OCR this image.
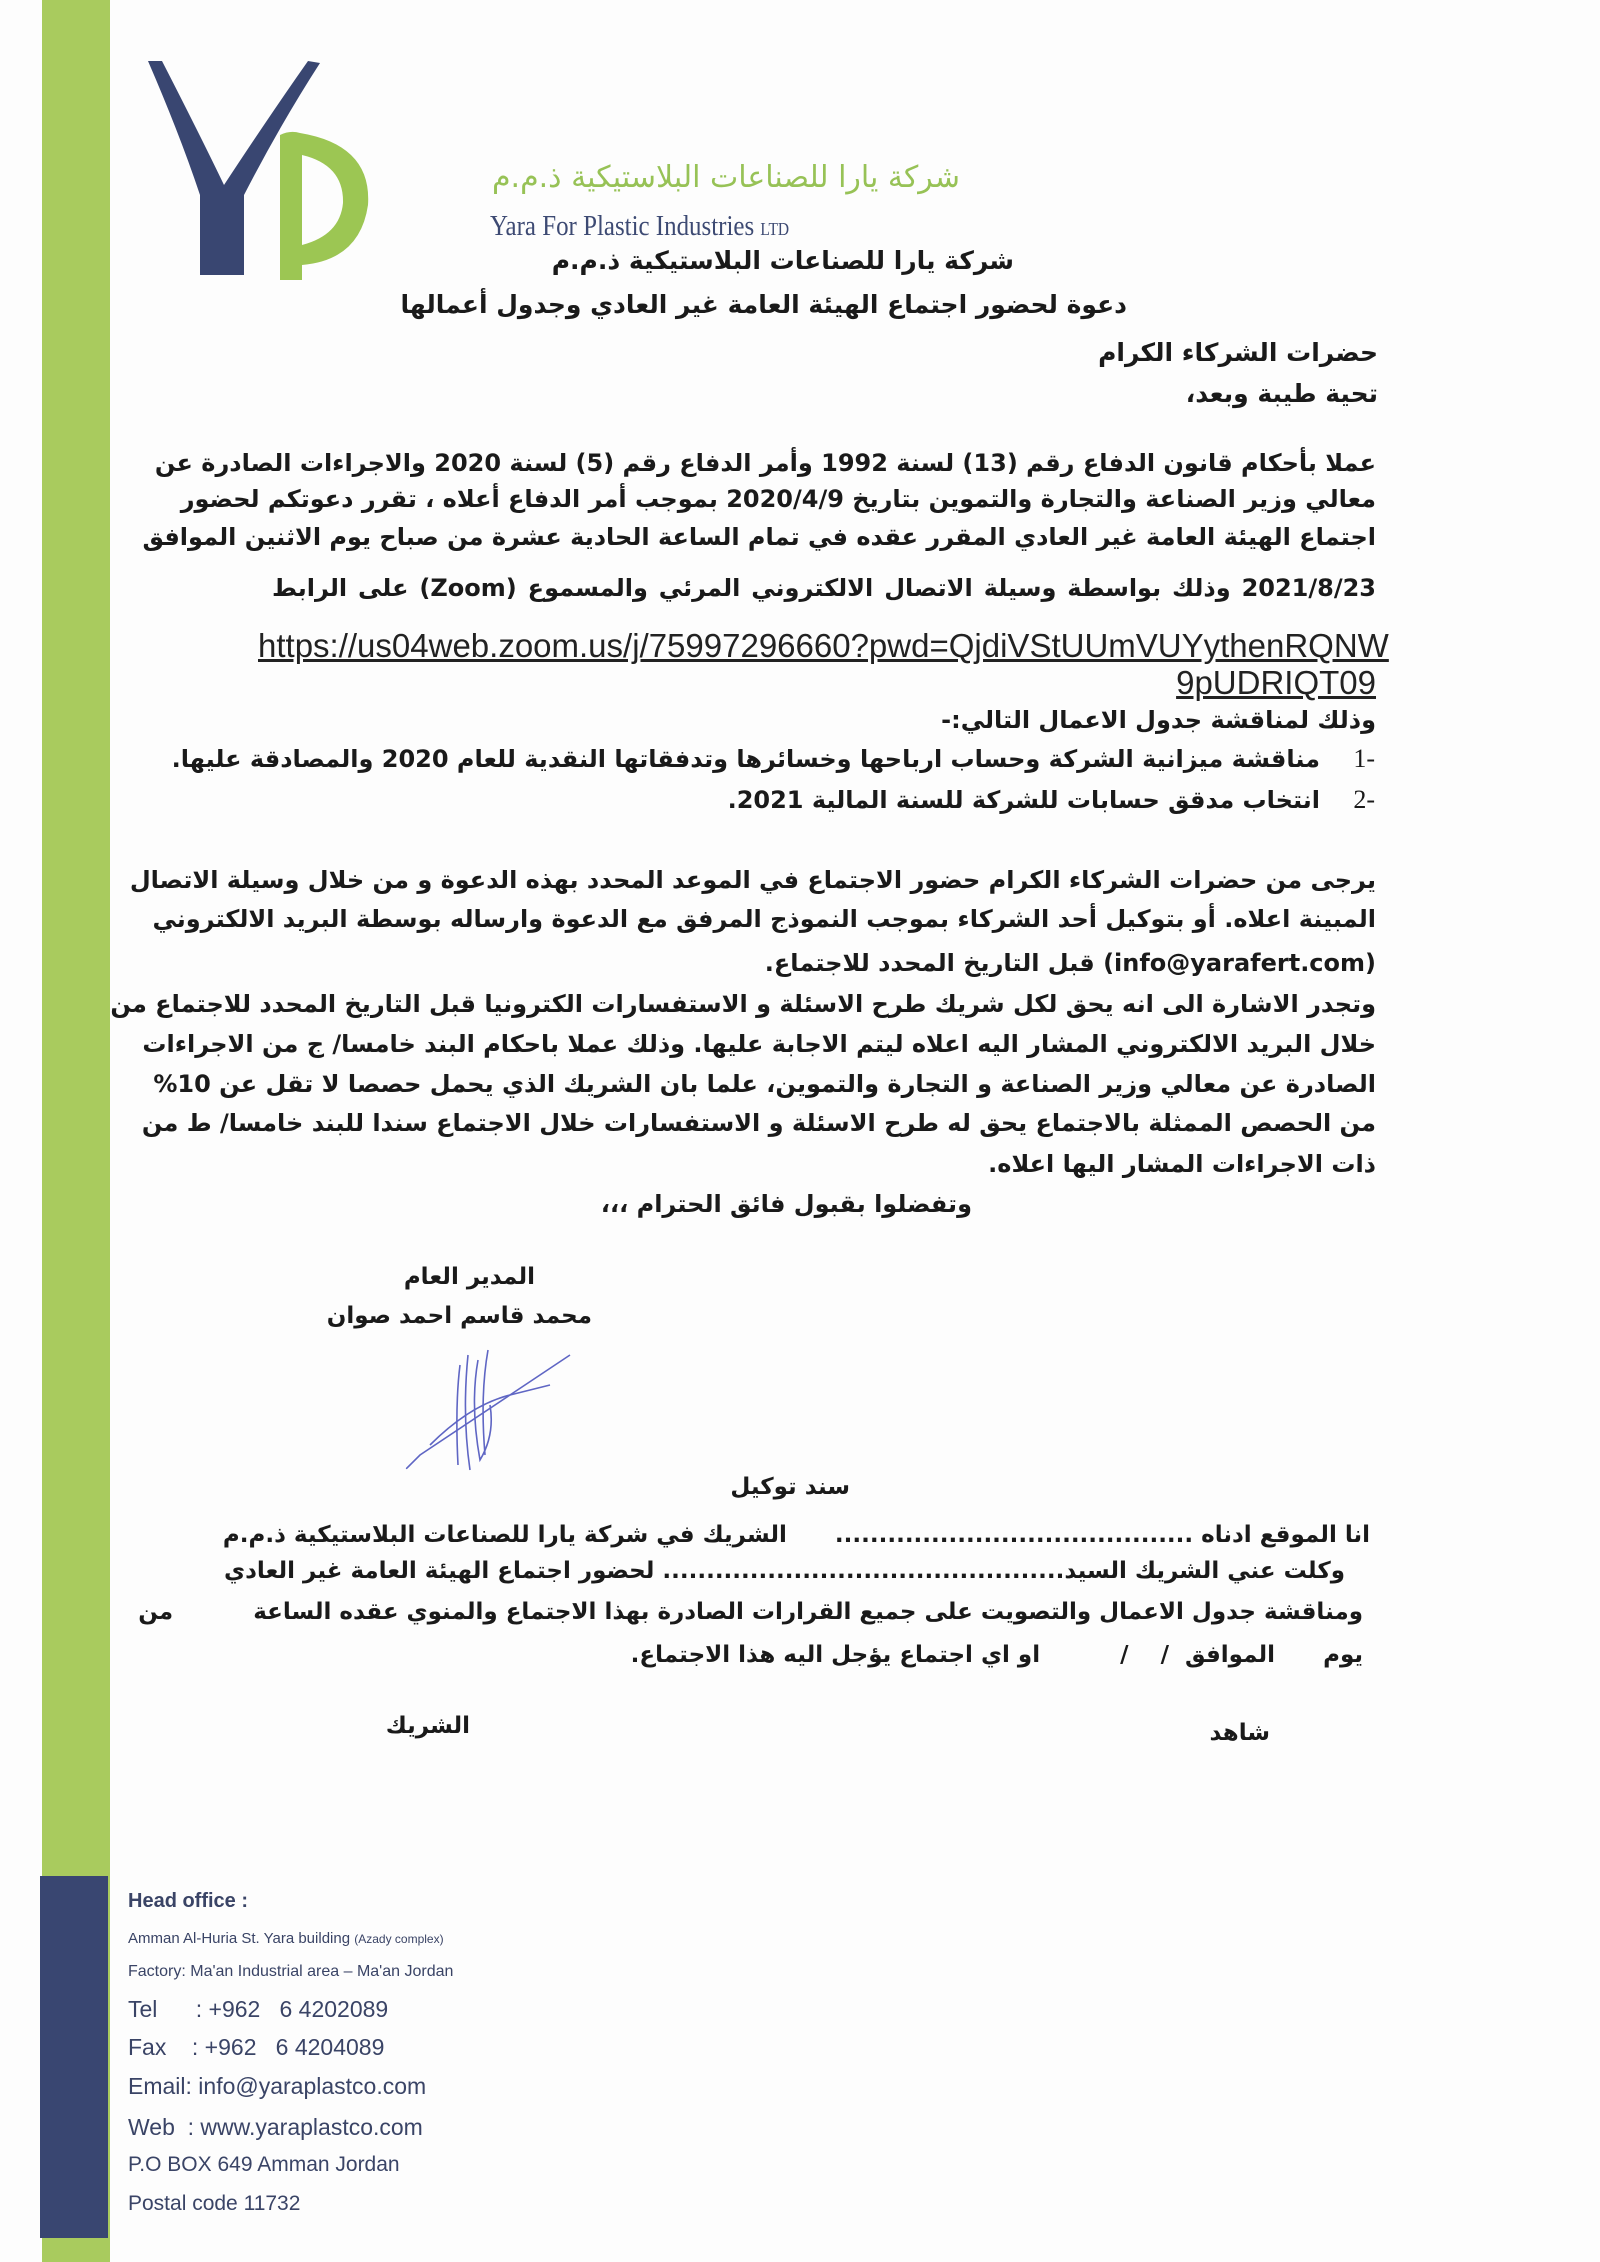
شركة يارا للصناعات البلاستيكية ذ.م.م
Yara For Plastic Industries LTD
شركة يارا للصناعات البلاستيكية ذ.م.م
دعوة لحضور اجتماع الهيئة العامة غير العادي وجدول أعمالها
حضرات الشركاء الكرام
تحية طيبة وبعد،
عملا بأحكام قانون الدفاع رقم (13) لسنة 1992 وأمر الدفاع رقم (5) لسنة 2020 والاجراءات الصادرة عن
معالي وزير الصناعة والتجارة والتموين بتاريخ 2020/4/9 بموجب أمر الدفاع أعلاه ، تقرر دعوتكم لحضور
اجتماع الهيئة العامة غير العادي المقرر عقده في تمام الساعة الحادية عشرة من صباح يوم الاثنين الموافق
2021/8/23 وذلك بواسطة وسيلة الاتصال الالكتروني المرئي والمسموع (Zoom) على الرابط
https://us04web.zoom.us/j/75997296660?pwd=QjdiVStUUmVUYythenRQNW
9pUDRIQT09
وذلك لمناقشة جدول الاعمال التالي:-
-1مناقشة ميزانية الشركة وحساب ارباحها وخسائرها وتدفقاتها النقدية للعام 2020 والمصادقة عليها.
-2انتخاب مدقق حسابات للشركة للسنة المالية 2021.
يرجى من حضرات الشركاء الكرام حضور الاجتماع في الموعد المحدد بهذه الدعوة و من خلال وسيلة الاتصال
المبينة اعلاه. أو بتوكيل أحد الشركاء بموجب النموذج المرفق مع الدعوة وارساله بوسطة البريد الالكتروني
(info@yarafert.com) قبل التاريخ المحدد للاجتماع.
وتجدر الاشارة الى انه يحق لكل شريك طرح الاسئلة و الاستفسارات الكترونيا قبل التاريخ المحدد للاجتماع من
خلال البريد الالكتروني المشار اليه اعلاه ليتم الاجابة عليها. وذلك عملا باحكام البند خامسا/ ج من الاجراءات
الصادرة عن معالي وزير الصناعة و التجارة والتموين، علما بان الشريك الذي يحمل حصصا لا تقل عن 10%
من الحصص الممثلة بالاجتماع يحق له طرح الاسئلة و الاستفسارات خلال الاجتماع سندا للبند خامسا/ ط من
ذات الاجراءات المشار اليها اعلاه.
وتفضلوا بقبول فائق الحترام ،،،
المدير العام
محمد قاسم احمد صوان
سند توكيل
انا الموقع ادناه .........................................      الشريك في شركة يارا للصناعات البلاستيكية ذ.م.م
وكلت عني الشريك السيد.............................................. لحضور اجتماع الهيئة العامة غير العادي
ومناقشة جدول الاعمال والتصويت على جميع القرارات الصادرة بهذا الاجتماع والمنوي عقده الساعة          من
يوم      الموافق  /    /          او اي اجتماع يؤجل اليه هذا الاجتماع.
الشريك	شاهد
Head office :
Amman Al-Huria St. Yara building (Azady complex)
Factory: Ma'an Industrial area – Ma'an Jordan
Tel      : +962   6 4202089
Fax    : +962   6 4204089
Email: info@yaraplastco.com
Web  : www.yaraplastco.com
P.O BOX 649 Amman Jordan
Postal code 11732
